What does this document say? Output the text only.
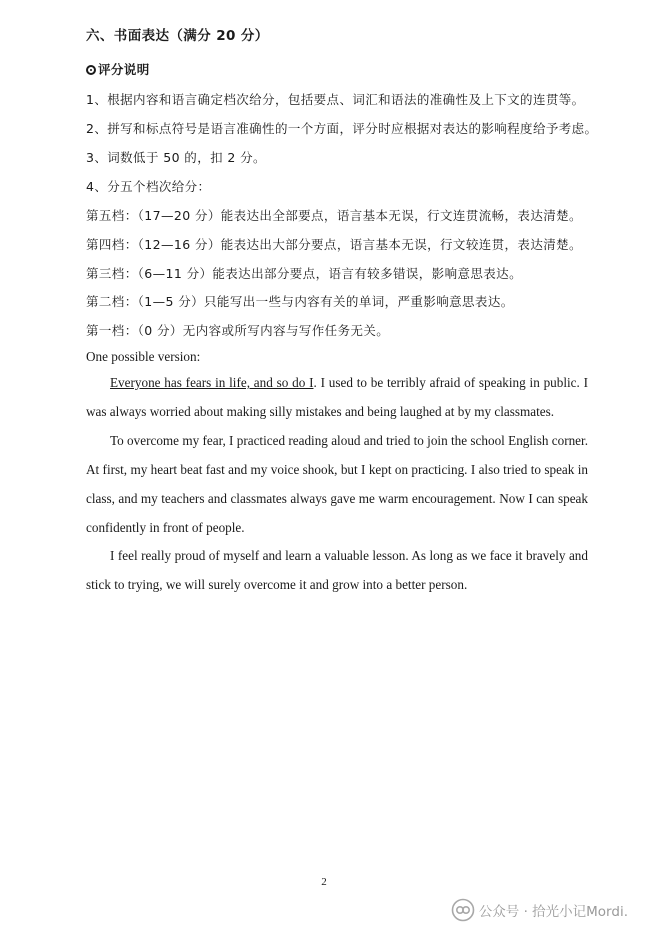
六、书面表达（满分 20 分）
评分说明
1、根据内容和语言确定档次给分，包括要点、词汇和语法的准确性及上下文的连贯等。
2、拼写和标点符号是语言准确性的一个方面，评分时应根据对表达的影响程度给予考虑。
3、词数低于 50 的，扣 2 分。
4、分五个档次给分：
第五档：（17—20 分）能表达出全部要点，语言基本无误，行文连贯流畅，表达清楚。
第四档：（12—16 分）能表达出大部分要点，语言基本无误，行文较连贯，表达清楚。
第三档：（6—11 分）能表达出部分要点，语言有较多错误，影响意思表达。
第二档：（1—5 分）只能写出一些与内容有关的单词，严重影响意思表达。
第一档：（0 分）无内容或所写内容与写作任务无关。
One possible version:

Everyone has fears in life, and so do I. I used to be terribly afraid of speaking in public. I was always worried about making silly mistakes and being laughed at by my classmates.

To overcome my fear, I practiced reading aloud and tried to join the school English corner. At first, my heart beat fast and my voice shook, but I kept on practicing. I also tried to speak in class, and my teachers and classmates always gave me warm encouragement. Now I can speak confidently in front of people.

I feel really proud of myself and learn a valuable lesson. As long as we face it bravely and stick to trying, we will surely overcome it and grow into a better person.

2
公众号 · 拾光小记Mordi.
